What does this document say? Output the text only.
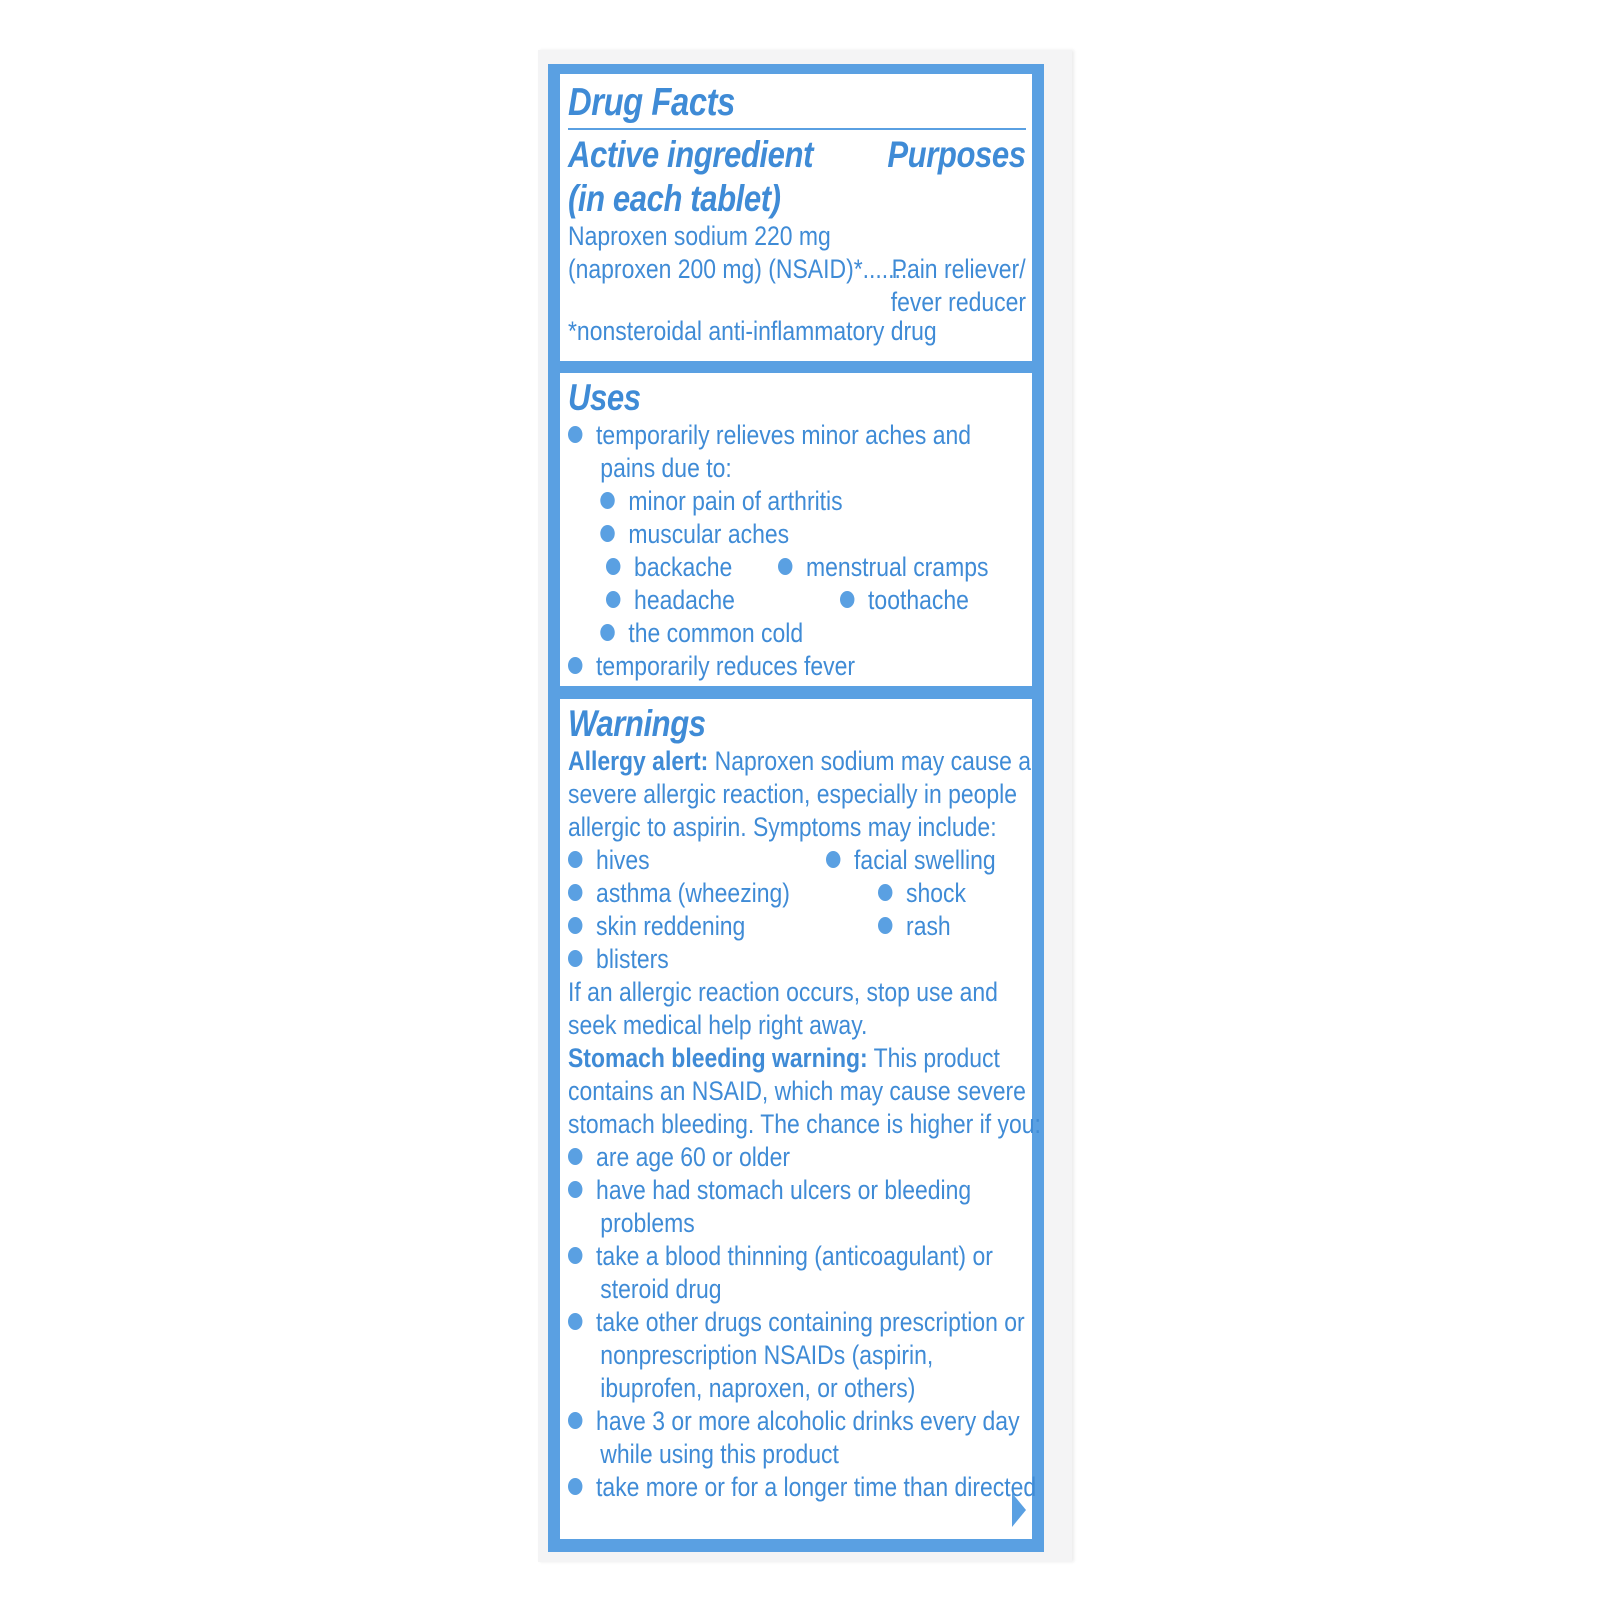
Drug Facts
Active ingredient	Purposes
(in each tablet)
Naproxen sodium 220 mg
(naproxen 200 mg) (NSAID)*.......
Pain reliever/
fever reducer
*nonsteroidal anti-inflammatory drug
Uses
temporarily relieves minor aches and
pains due to:
minor pain of arthritis
muscular aches
backache	menstrual cramps
headache	toothache
the common cold
temporarily reduces fever
Warnings
Allergy alert: Naproxen sodium may cause a
severe allergic reaction, especially in people
allergic to aspirin. Symptoms may include:
hives	facial swelling
asthma (wheezing)	shock
skin reddening	rash
blisters
If an allergic reaction occurs, stop use and
seek medical help right away.
Stomach bleeding warning: This product
contains an NSAID, which may cause severe
stomach bleeding. The chance is higher if you:
are age 60 or older
have had stomach ulcers or bleeding
problems
take a blood thinning (anticoagulant) or
steroid drug
take other drugs containing prescription or
nonprescription NSAIDs (aspirin,
ibuprofen, naproxen, or others)
have 3 or more alcoholic drinks every day
while using this product
take more or for a longer time than directed
